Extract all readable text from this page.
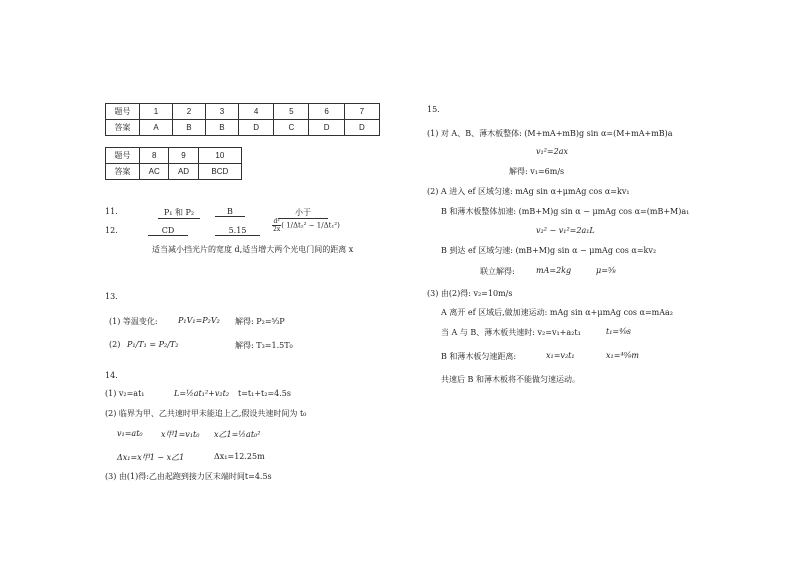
题号	1	2	3	4	5	6	7
答案	A	B	B	D	C	D	D
题号	8	9	10
答案	AC	AD	BCD
11.	P₁ 和 P₂	B	小于
12.	CD	5.15	$\frac{\text{d²}}{2x}$ ( 1/Δt₂² − 1/Δt₁²)
适当减小挡光片的宽度 d,适当增大两个光电门间的距离 x
13.
(1) 等温变化:	P₁V₁=P₂V₂ 解得: P₂=⁵⁄₃P
(2) P₁/T₁ = P₂/T₂	解得: T₃=1.5T₀
14.
(1) v₂=at₁	L=½at₁²+v₂t₂ t=t₁+t₂=4.5s
(2) 临界为甲、乙共速时甲未能追上乙,假设共速时间为 t₀
v₁=at₀ x甲1=v₁t₀ x乙1=½at₀²
Δx₁=x甲1 − x乙1	Δx₁=12.25m
(3) 由(1)得:乙由起跑到接力区末端时间t=4.5s
15.
(1) 对 A、B、薄木板整体: (M+mA+mB)g sin α=(M+mA+mB)a
v₁²=2ax
解得: v₁=6m/s
(2) A 进入 ef 区域匀速: mAg sin α+μmAg cos α=kv₁
B 和薄木板整体加速: (mB+M)g sin α − μmAg cos α=(mB+M)a₁
v₂² − v₁²=2a₁L
B 到达 ef 区域匀速: (mB+M)g sin α − μmAg cos α=kv₂
联立解得:	mA=2kg	μ=⁵⁄₈
(3) 由(2)得: v₂=10m/s
A 离开 ef 区域后,做加速运动: mAg sin α+μmAg cos α=mAa₂
当 A 与 B、薄木板共速时: v₂=v₁+a₂t₁	t₁=⁴⁄₉s
B 和薄木板匀速距离:	x₁=v₂t₁	x₁=⁴⁰⁄₉m
共速后 B 和薄木板将不能做匀速运动。
